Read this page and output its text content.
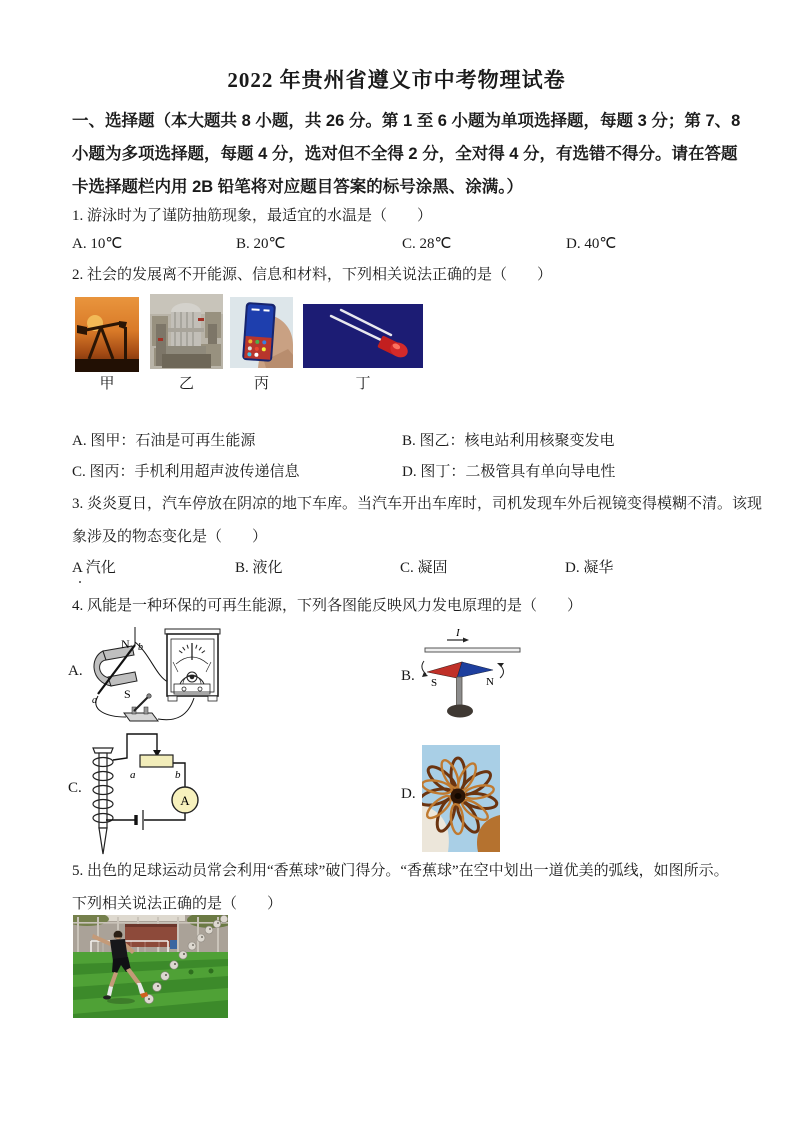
2022 年贵州省遵义市中考物理试卷
一、选择题（本大题共 8 小题，共 26 分。第 1 至 6 小题为单项选择题，每题 3 分；第 7、8
小题为多项选择题，每题 4 分，选对但不全得 2 分，全对得 4 分，有选错不得分。请在答题
卡选择题栏内用 2B 铅笔将对应题目答案的标号涂黑、涂满。）
1. 游泳时为了谨防抽筋现象，最适宜的水温是（　　）
A. 10℃	B. 20℃	C. 28℃	D. 40℃
2. 社会的发展离不开能源、信息和材料，下列相关说法正确的是（　　）
甲	乙	丙	丁
A. 图甲：石油是可再生能源	B. 图乙：核电站利用核聚变发电
C. 图丙：手机利用超声波传递信息	D. 图丁：二极管具有单向导电性
3. 炎炎夏日，汽车停放在阴凉的地下车库。当汽车开出车库时，司机发现车外后视镜变得模糊不清。该现
象涉及的物态变化是（　　）
A 汽化	B. 液化	C. 凝固	D. 凝华
4. 风能是一种环保的可再生能源，下列各图能反映风力发电原理的是（　　）
A.
N
S
b
a
B.
I
S	N
C.
a	b
A	D.
5. 出色的足球运动员常会利用“香蕉球”破门得分。“香蕉球”在空中划出一道优美的弧线，如图所示。
下列相关说法正确的是（　　）
